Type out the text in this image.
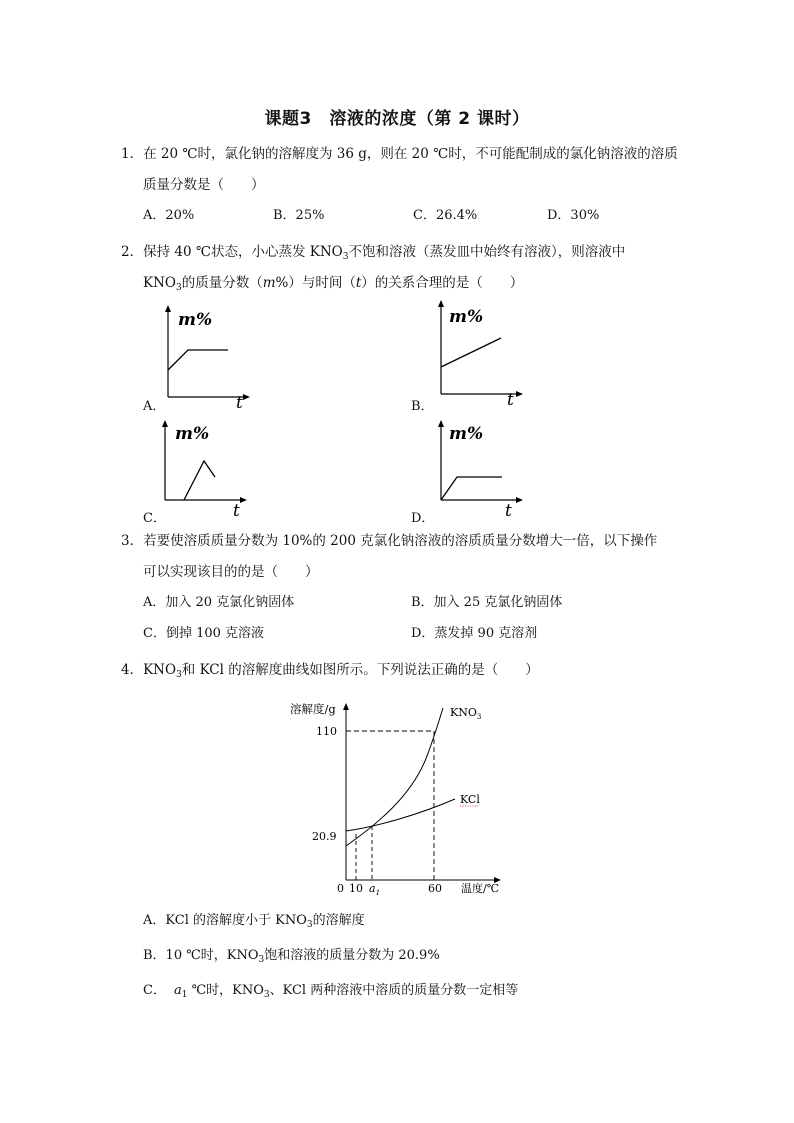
课题3　溶液的浓度（第 2 课时）
1．在 20 ℃时，氯化钠的溶解度为 36 g，则在 20 ℃时，不可能配制成的氯化钠溶液的溶质
质量分数是（　　）
A．20%	B．25%	C．26.4%	D．30%
2．保持 40 ℃状态，小心蒸发 $KNO_3$不饱和溶液（蒸发皿中始终有溶液），则溶液中
$KNO_3$的质量分数（m%）与时间（t）的关系合理的是（　　）
m%
t
A．
m%
t
B．
m%
t
C．
m%
t
D．
3．若要使溶质质量分数为 10%的 200 克氯化钠溶液的溶质质量分数增大一倍，以下操作
可以实现该目的的是（　　）
A．加入 20 克氯化钠固体	B．加入 25 克氯化钠固体
C．倒掉 100 克溶液	D．蒸发掉 90 克溶剂
4．$KNO_3$和 KCl 的溶解度曲线如图所示。下列说法正确的是（　　）
溶解度/g
110
20.9
0 10 $a_1$	60 温度/℃
$KNO_3$
KCl
A．KCl 的溶解度小于 $KNO_3$的溶解度
B．10 ℃时，$KNO_3$饱和溶液的质量分数为 20.9%
C． $a_1$ ℃时，$KNO_3$、KCl 两种溶液中溶质的质量分数一定相等
